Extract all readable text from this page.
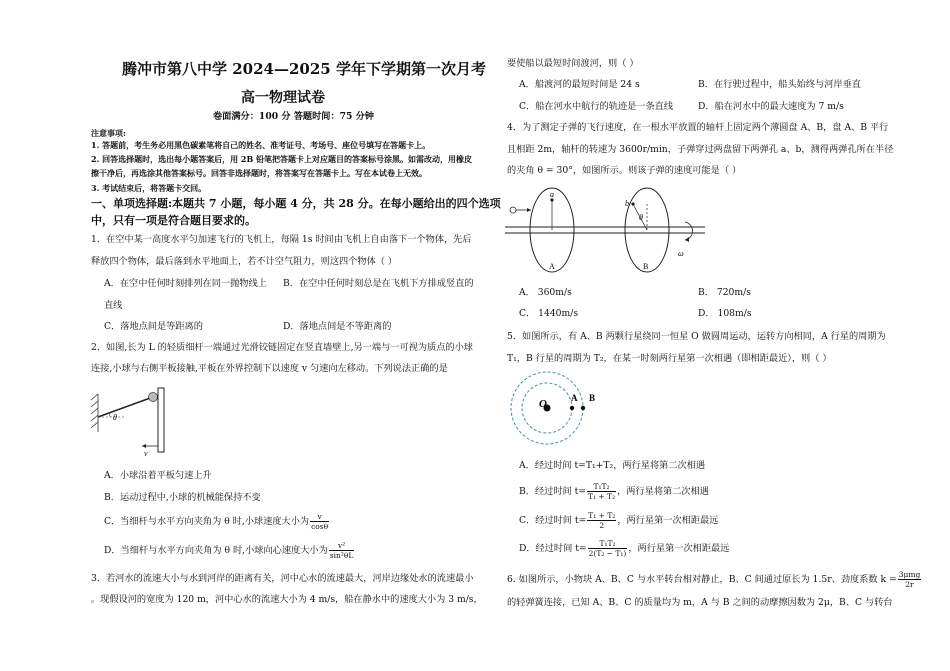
腾冲市第八中学 2024—2025 学年下学期第一次月考
高一物理试卷
卷面满分：100 分 答题时间：75 分钟
注意事项:
1. 答题前，考生务必用黑色碳素笔将自己的姓名、准考证号、考场号、座位号填写在答题卡上。
2. 回答选择题时，选出每小题答案后，用 2B 铅笔把答题卡上对应题目的答案标号涂黑。如需改动，用橡皮
擦干净后，再选涂其他答案标号。回答非选择题时，将答案写在答题卡上。写在本试卷上无效。
3. 考试结束后，将答题卡交回。
一、单项选择题:本题共 7 小题，每小题 4 分，共 28 分。在每小题给出的四个选项
中，只有一项是符合题目要求的。
1．在空中某一高度水平匀加速飞行的飞机上，每隔 1s 时间由飞机上自由落下一个物体，先后
释放四个物体，最后落到水平地面上，若不计空气阻力，则这四个物体（ ）
A．在空中任何时刻排列在同一抛物线上 B．在空中任何时刻总是在飞机下方排成竖直的
直线
C．落地点间是等距离的	D．落地点间是不等距离的
2．如图,长为 L 的轻质细杆一端通过光滑铰链固定在竖直墙壁上,另一端与一可视为质点的小球
连接,小球与右侧平板接触,平板在外界控制下以速度 v 匀速向左移动。下列说法正确的是
θ
v
A．小球沿着平板匀速上升
B．运动过程中,小球的机械能保持不变
C．当细杆与水平方向夹角为 θ 时,小球速度大小为 $\frac{v}{\cos\theta}$
D．当细杆与水平方向夹角为 θ 时,小球向心速度大小为 $\frac{\text{v²}}{\text{sin²θL}}$
3．若河水的流速大小与水到河岸的距离有关，河中心水的流速最大，河岸边缘处水的流速最小
。现假设河的宽度为 120 m，河中心水的流速大小为 4 m/s，船在静水中的速度大小为 3 m/s，
要使船以最短时间渡河，则（ ）
A．船渡河的最短时间是 24 s	B．在行驶过程中，船头始终与河岸垂直
C．船在河水中航行的轨迹是一条直线	D．船在河水中的最大速度为 7 m/s
4．为了测定子弹的飞行速度，在一根水平放置的轴杆上固定两个薄圆盘 A、B，盘 A、B 平行
且相距 2m，轴杆的转速为 3600r/min，子弹穿过两盘留下两弹孔 a、b，测得两弹孔所在半径
的夹角 θ = 30°，如图所示。则该子弹的速度可能是（ ）
a
A
b
θ
B
ω
A． 360m/s	B． 720m/s
C． 1440m/s	D． 108m/s
5．如图所示，有 A、B 两颗行星绕同一恒星 O 做圆周运动，运转方向相同，A 行星的周期为
T₁，B 行星的周期为 T₂，在某一时刻两行星第一次相遇（即相距最近），则（ ）
O	A B
A．经过时间 t=T₁+T₂，两行星将第二次相遇
B．经过时间 $t= \frac{\text{T₁T₂}}{\text{T₁ + T₂}}$ ，两行星将第二次相遇
C．经过时间 $t= \frac{\text{T₁ + T₂}}{2}$ ，两行星第一次相距最远
D．经过时间 $t= \frac{\text{T₁T₂}}{\text{2(T₂ − T₁)}}$ ，两行星第一次相距最远
6. 如图所示，小物块 A、B、C 与水平转台相对静止，B、C 间通过原长为 1.5r、劲度系数 $k = \frac{\text{3μmg}}{2r}$
的轻弹簧连接，已知 A、B、C 的质量均为 m，A 与 B 之间的动摩擦因数为 2μ，B、C 与转台
